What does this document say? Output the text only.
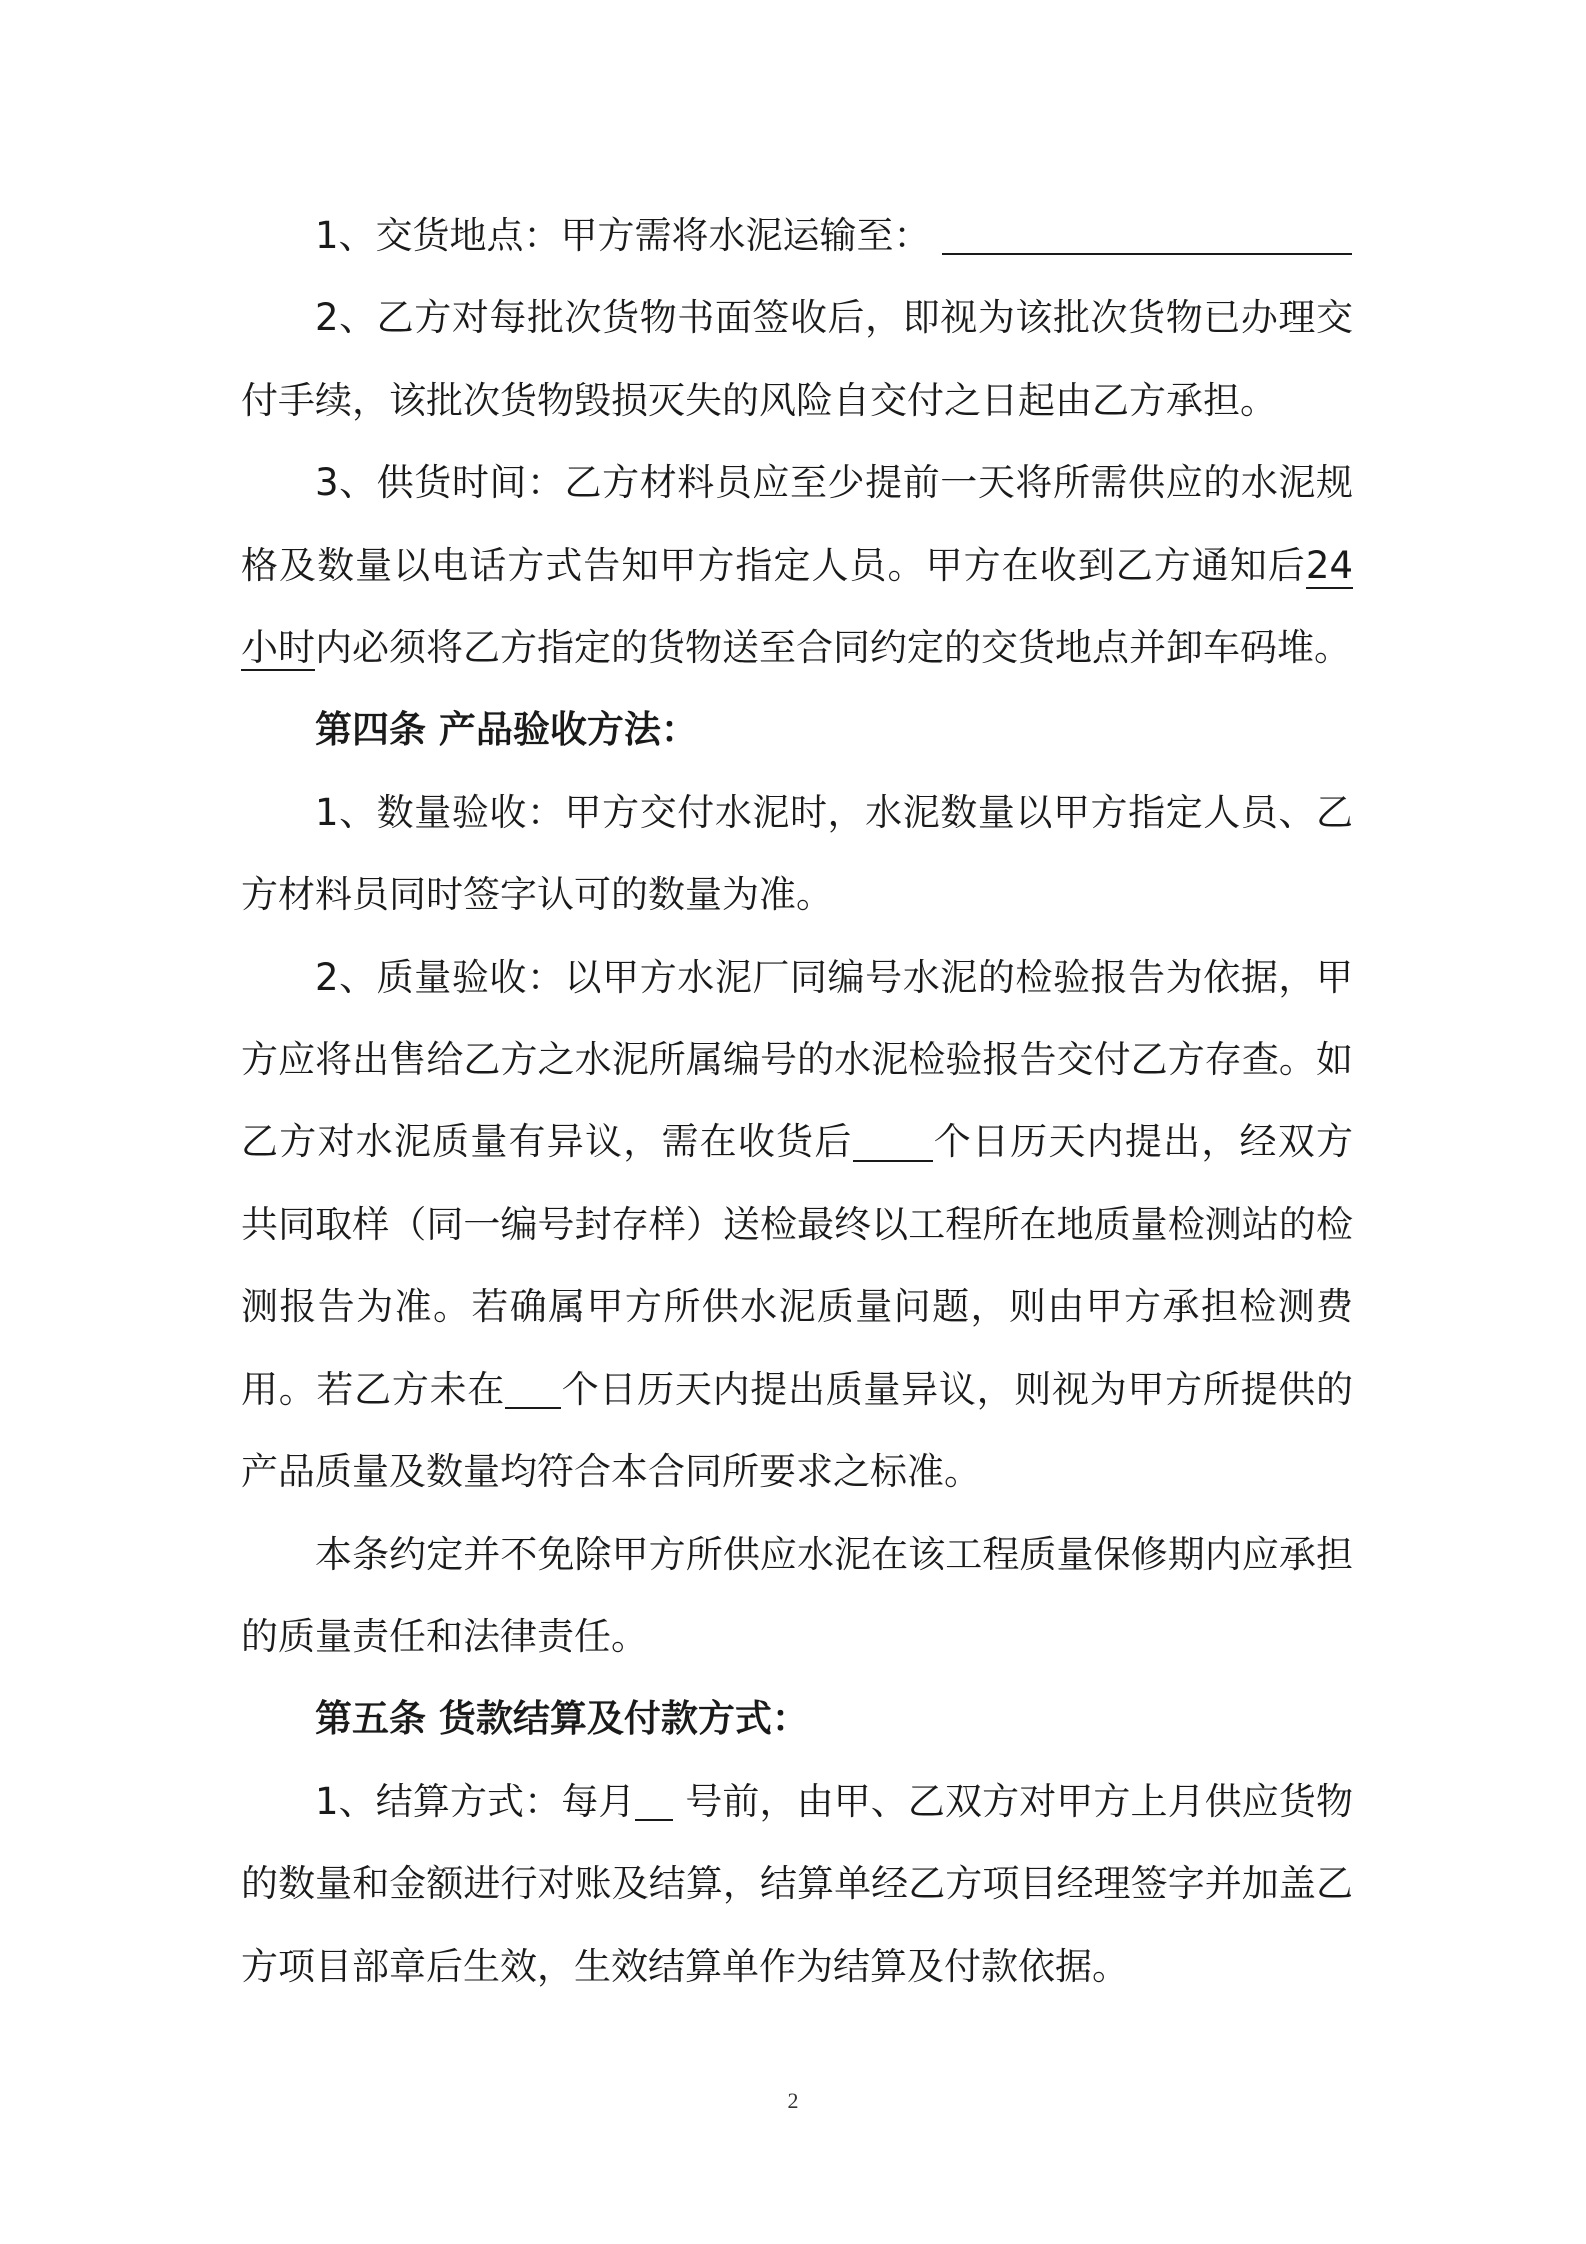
1、交货地点：甲方需将水泥运输至：

2、乙方对每批次货物书面签收后，即视为该批次货物已办理交付手续，该批次货物毁损灭失的风险自交付之日起由乙方承担。

3、供货时间：乙方材料员应至少提前一天将所需供应的水泥规格及数量以电话方式告知甲方指定人员。甲方在收到乙方通知后24 小时内必须将乙方指定的货物送至合同约定的交货地点并卸车码堆。

第四条 产品验收方法：

1、数量验收：甲方交付水泥时，水泥数量以甲方指定人员、乙方材料员同时签字认可的数量为准。

2、质量验收：以甲方水泥厂同编号水泥的检验报告为依据，甲方应将出售给乙方之水泥所属编号的水泥检验报告交付乙方存查。如乙方对水泥质量有异议，需在收货后 个日历天内提出，经双方共同取样（同一编号封存样）送检最终以工程所在地质量检测站的检测报告为准。若确属甲方所供水泥质量问题，则由甲方承担检测费用。若乙方未在 个日历天内提出质量异议，则视为甲方所提供的产品质量及数量均符合本合同所要求之标准。

本条约定并不免除甲方所供应水泥在该工程质量保修期内应承担的质量责任和法律责任。

第五条 货款结算及付款方式：

1、结算方式：每月 号前，由甲、乙双方对甲方上月供应货物的数量和金额进行对账及结算，结算单经乙方项目经理签字并加盖乙方项目部章后生效，生效结算单作为结算及付款依据。

2
